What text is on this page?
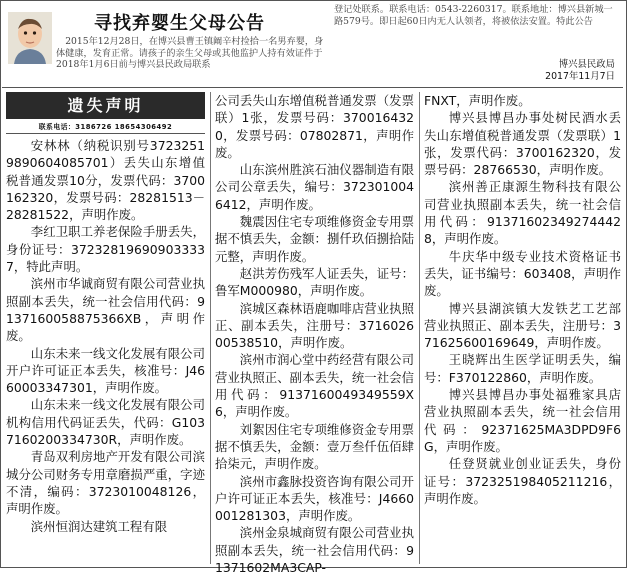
寻找弃婴生父母公告
2015年12月28日，在博兴县曹王镇阚辛村捡拾一名男弃婴，身体健康，发育正常。请孩子的亲生父母或其他监护人持有效证件于2018年1月6日前与博兴县民政局联系
登记处联系。联系电话：0543-2260317。联系地址：博兴县新城一路579号。即日起60日内无人认领者，将被依法安置。特此公告
博兴县民政局
2017年11月7日
遗失声明
联系电话：3186726 18654306492

安林林（纳税识别号372325198906040857​01）丢失山东增值税普通发票10分，发票代码：3700162320，发票号码：28281513－28281522，声明作废。

李红卫职工养老保险手册丢失，身份证号：372328196909033337，特此声明。

滨州市华诚商贸有限公司营业执照副本丢失，统一社会信用代码：91371600​58875366XB，声明作废。

山东未来一线文化发展有限公司开户许可证正本丢失，核准号：J4660003347301，声明作废。

山东未来一线文化发展有限公司机构信用代码证丢失，代码：G1037160200334730R，声明作废。

青岛双利房地产开发有限公司滨城分公司财务专用章磨损严重，字迹不清，编码：3723010048126，声明作废。

滨州恒润达建筑工程有限

公司丢失山东增值税普通发票（发票联）1张，发票号码：3700164320，发票号码：07802871，声明作废。

山东滨州胜滨石油仪器制造有限公司公章丢失，编号：3723010046412，声明作废。

魏震因住宅专项维修资金专用票据不慎丢失，金额：捌仟玖佰捌拾陆元整，声明作废。

赵洪芳伤残军人证丢失，证号：鲁军M000980，声明作废。

滨城区森林语鹿咖啡店营业执照正、副本丢失，注册号：371602600538510，声明作废。

滨州市润心堂中药经营有限公司营业执照正、副本丢失，统一社会信用代码：9137160049349559X6，声明作废。

刘絮因住宅专项维修资金专用票据不慎丢失，金额：壹万叁仟伍佰肆拾柒元，声明作废。

滨州市鑫脉投资咨询有限公司开户许可证正本丢失，核准号：J4660001281303，声明作废。

滨州金泉城商贸有限公司营业执照副本丢失，统一社会信用代码：91371602MA3CAP-

FNXT，声明作废。

博兴县博昌办事处树民酒水丢失山东增值税普通发票（发票联）1张，发票代码：3700162320，发票号码：28766530，声明作废。

滨州善正康源生物科技有限公司营业执照副本丢失，统一社会信用代码：913716023492744428，声明作废。

牛庆华中级专业技术资格证书丢失，证书编号：603408，声明作废。

博兴县湖滨镇大发铁艺工艺部营业执照正、副本丢失，注册号：371625600169649，声明作废。

王晓辉出生医学证明丢失，编号：F370122860，声明作废。

博兴县博昌办事处福雅家具店营业执照副本丢失，统一社会信用代码：92371625MA3DPD9F6G，声明作废。

任登贤就业创业证丢失，身份证号：372325198405211216，声明作废。
